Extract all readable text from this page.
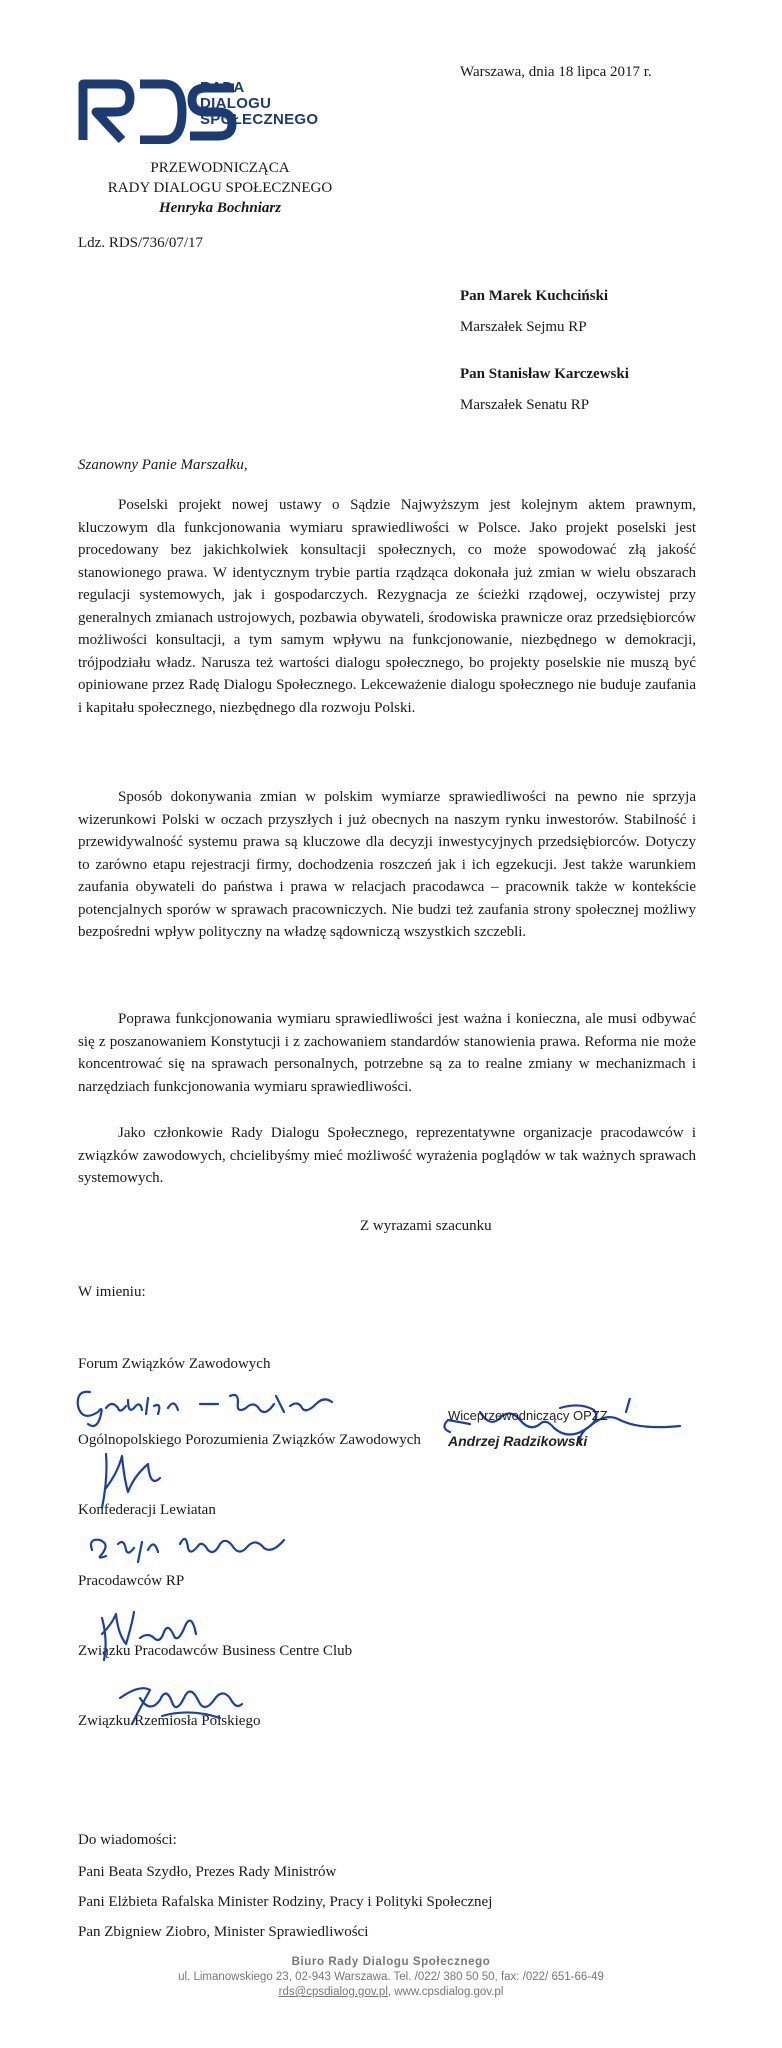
RADA
DIALOGU
SPOŁECZNEGO
Warszawa, dnia 18 lipca 2017 r.
PRZEWODNICZĄCA
RADY DIALOGU SPOŁECZNEGO
Henryka Bochniarz
Ldz. RDS/736/07/17
Pan Marek Kuchciński
Marszałek Sejmu RP
Pan Stanisław Karczewski
Marszałek Senatu RP
Szanowny Panie Marszałku,

Poselski projekt nowej ustawy o Sądzie Najwyższym jest kolejnym aktem prawnym, kluczowym dla funkcjonowania wymiaru sprawiedliwości w Polsce. Jako projekt poselski jest procedowany bez jakichkolwiek konsultacji społecznych, co może spowodować złą jakość stanowionego prawa. W identycznym trybie partia rządząca dokonała już zmian w wielu obszarach regulacji systemowych, jak i gospodarczych. Rezygnacja ze ścieżki rządowej, oczywistej przy generalnych zmianach ustrojowych, pozbawia obywateli, środowiska prawnicze oraz przedsiębiorców możliwości konsultacji, a tym samym wpływu na funkcjonowanie, niezbędnego w demokracji, trójpodziału władz. Narusza też wartości dialogu społecznego, bo projekty poselskie nie muszą być opiniowane przez Radę Dialogu Społecznego. Lekceważenie dialogu społecznego nie buduje zaufania i kapitału społecznego, niezbędnego dla rozwoju Polski.

Sposób dokonywania zmian w polskim wymiarze sprawiedliwości na pewno nie sprzyja wizerunkowi Polski w oczach przyszłych i już obecnych na naszym rynku inwestorów. Stabilność i przewidywalność systemu prawa są kluczowe dla decyzji inwestycyjnych przedsiębiorców. Dotyczy to zarówno etapu rejestracji firmy, dochodzenia roszczeń jak i ich egzekucji. Jest także warunkiem zaufania obywateli do państwa i prawa w relacjach pracodawca – pracownik także w kontekście potencjalnych sporów w sprawach pracowniczych. Nie budzi też zaufania strony społecznej możliwy bezpośredni wpływ polityczny na władzę sądowniczą wszystkich szczebli.

Poprawa funkcjonowania wymiaru sprawiedliwości jest ważna i konieczna, ale musi odbywać się z poszanowaniem Konstytucji i z zachowaniem standardów stanowienia prawa. Reforma nie może koncentrować się na sprawach personalnych, potrzebne są za to realne zmiany w mechanizmach i narzędziach funkcjonowania wymiaru sprawiedliwości.

Jako członkowie Rady Dialogu Społecznego, reprezentatywne organizacje pracodawców i związków zawodowych, chcielibyśmy mieć możliwość wyrażenia poglądów w tak ważnych sprawach systemowych.

Z wyrazami szacunku
W imieniu:
Forum Związków Zawodowych
Ogólnopolskiego Porozumienia Związków Zawodowych
Konfederacji Lewiatan
Pracodawców RP
Związku Pracodawców Business Centre Club
Związku Rzemiosła Polskiego
Wiceprzewodniczący OPZZ
Andrzej Radzikowski
Do wiadomości:
Pani Beata Szydło, Prezes Rady Ministrów
Pani Elżbieta Rafalska Minister Rodziny, Pracy i Polityki Społecznej
Pan Zbigniew Ziobro, Minister Sprawiedliwości
Biuro Rady Dialogu Społecznego
ul. Limanowskiego 23, 02-943 Warszawa. Tel. /022/ 380 50 50, fax: /022/ 651-66-49
rds@cpsdialog.gov.pl, www.cpsdialog.gov.pl
